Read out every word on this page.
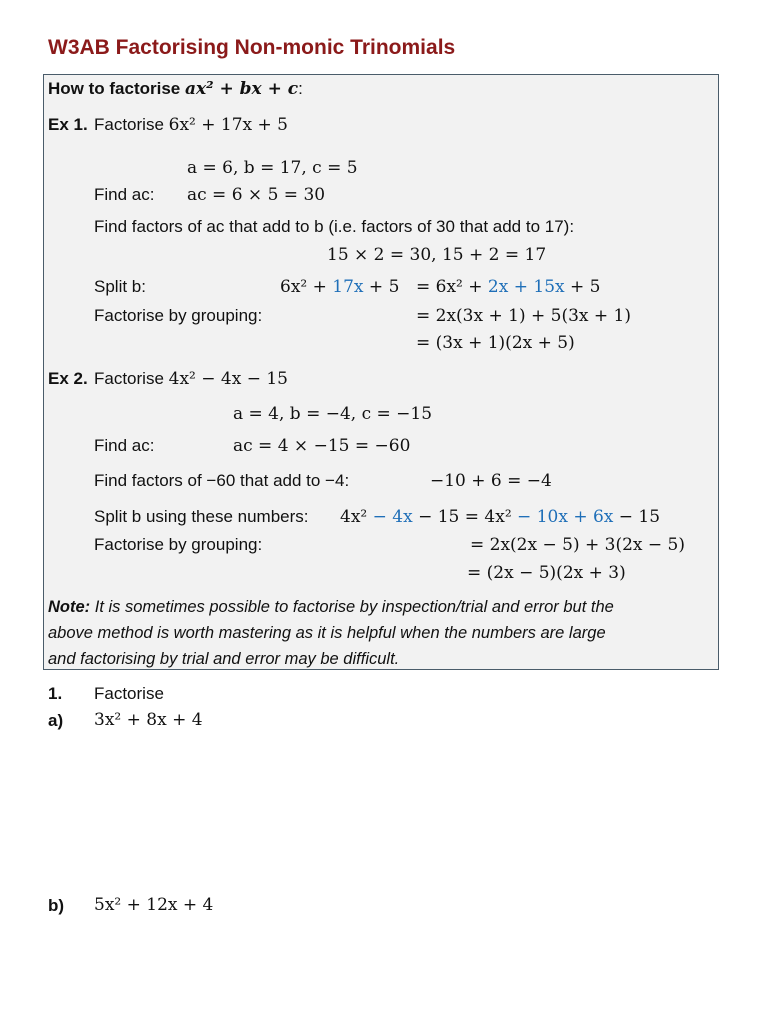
W3AB Factorising Non-monic Trinomials
How to factorise ax² + bx + c:
Ex 1. Factorise 6x² + 17x + 5
a = 6, b = 17, c = 5
Find ac: ac = 6 × 5 = 30
Find factors of ac that add to b (i.e. factors of 30 that add to 17):
15 × 2 = 30, 15 + 2 = 17
Split b:	6x² + 17x + 5 = 6x² + 2x + 15x + 5
Factorise by grouping:	= 2x(3x + 1) + 5(3x + 1)
= (3x + 1)(2x + 5)
Ex 2. Factorise 4x² − 4x − 15
a = 4, b = −4, c = −15
Find ac:	ac = 4 × −15 = −60
Find factors of −60 that add to −4:	−10 + 6 = −4
Split b using these numbers: 4x² − 4x − 15 = 4x² − 10x + 6x − 15
Factorise by grouping:	= 2x(2x − 5) + 3(2x − 5)
= (2x − 5)(2x + 3)
Note: It is sometimes possible to factorise by inspection/trial and error but the
above method is worth mastering as it is helpful when the numbers are large
and factorising by trial and error may be difficult.
1. Factorise
a) 3x² + 8x + 4
b) 5x² + 12x + 4
